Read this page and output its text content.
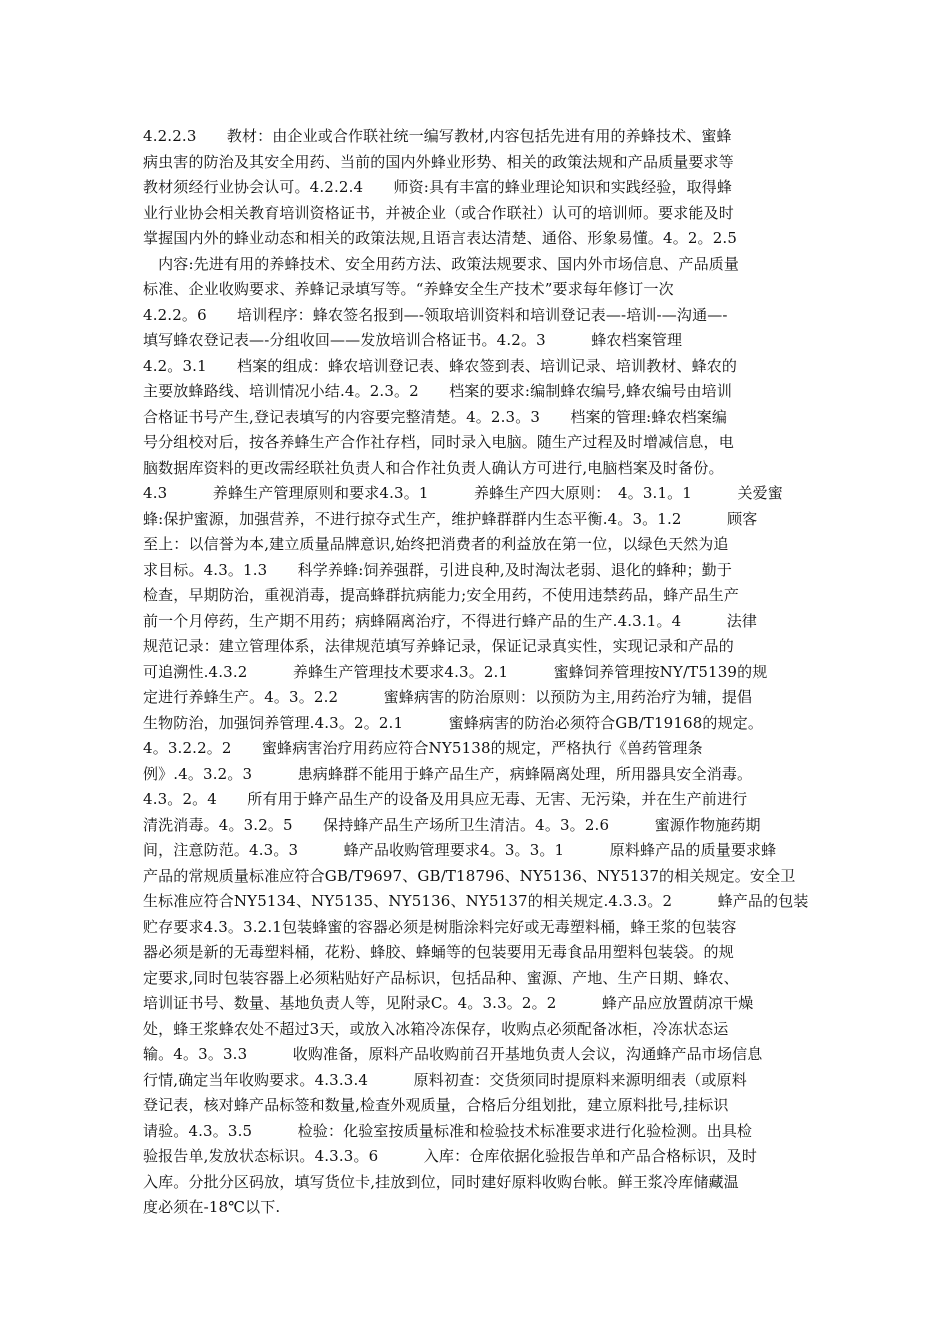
4.2.2.3　　教材：由企业或合作联社统一编写教材,内容包括先进有用的养蜂技术、蜜蜂
病虫害的防治及其安全用药、当前的国内外蜂业形势、相关的政策法规和产品质量要求等
教材须经行业协会认可。4.2.2.4　　师资:具有丰富的蜂业理论知识和实践经验，取得蜂
业行业协会相关教育培训资格证书，并被企业（或合作联社）认可的培训师。要求能及时
掌握国内外的蜂业动态和相关的政策法规,且语言表达清楚、通俗、形象易懂。4。2。2.5
　内容:先进有用的养蜂技术、安全用药方法、政策法规要求、国内外市场信息、产品质量
标准、企业收购要求、养蜂记录填写等。“养蜂安全生产技术”要求每年修订一次
4.2.2。6　　培训程序：蜂农签名报到—-领取培训资料和培训登记表—-培训-—沟通—-
填写蜂农登记表—-分组收回——发放培训合格证书。4.2。3　　　蜂农档案管理
4.2。3.1　　档案的组成：蜂农培训登记表、蜂农签到表、培训记录、培训教材、蜂农的
主要放蜂路线、培训情况小结.4。2.3。2　　档案的要求:编制蜂农编号,蜂农编号由培训
合格证书号产生,登记表填写的内容要完整清楚。4。2.3。3　　档案的管理:蜂农档案编
号分组校对后，按各养蜂生产合作社存档，同时录入电脑。随生产过程及时增减信息，电
脑数据库资料的更改需经联社负责人和合作社负责人确认方可进行,电脑档案及时备份。
4.3　　　养蜂生产管理原则和要求4.3。1　　　养蜂生产四大原则：　4。3.1。1　　　关爱蜜
蜂:保护蜜源，加强营养，不进行掠夺式生产，维护蜂群群内生态平衡.4。3。1.2　　　顾客
至上：以信誉为本,建立质量品牌意识,始终把消费者的利益放在第一位，以绿色天然为追
求目标。4.3。1.3　　科学养蜂:饲养强群，引进良种,及时淘汰老弱、退化的蜂种；勤于
检查，早期防治，重视消毒，提高蜂群抗病能力;安全用药，不使用违禁药品，蜂产品生产
前一个月停药，生产期不用药；病蜂隔离治疗，不得进行蜂产品的生产.4.3.1。4　　　法律
规范记录：建立管理体系，法律规范填写养蜂记录，保证记录真实性，实现记录和产品的
可追溯性.4.3.2　　　养蜂生产管理技术要求4.3。2.1　　　蜜蜂饲养管理按NY/T5139的规
定进行养蜂生产。4。3。2.2　　　蜜蜂病害的防治原则：以预防为主,用药治疗为辅，提倡
生物防治，加强饲养管理.4.3。2。2.1　　　蜜蜂病害的防治必须符合GB/T19168的规定。
4。3.2.2。2　　蜜蜂病害治疗用药应符合NY5138的规定，严格执行《兽药管理条
例》.4。3.2。3　　　患病蜂群不能用于蜂产品生产，病蜂隔离处理，所用器具安全消毒。
4.3。2。4　　所有用于蜂产品生产的设备及用具应无毒、无害、无污染，并在生产前进行
清洗消毒。4。3.2。5　　保持蜂产品生产场所卫生清洁。4。3。2.6　　　蜜源作物施药期
间，注意防范。4.3。3　　　蜂产品收购管理要求4。3。3。1　　　原料蜂产品的质量要求蜂
产品的常规质量标准应符合GB/T9697、GB/T18796、NY5136、NY5137的相关规定。安全卫
生标准应符合NY5134、NY5135、NY5136、NY5137的相关规定.4.3.3。2　　　蜂产品的包装
贮存要求4.3。3.2.1包装蜂蜜的容器必须是树脂涂料完好或无毒塑料桶，蜂王浆的包装容
器必须是新的无毒塑料桶，花粉、蜂胶、蜂蛹等的包装要用无毒食品用塑料包装袋。的规
定要求,同时包装容器上必须粘贴好产品标识，包括品种、蜜源、产地、生产日期、蜂农、
培训证书号、数量、基地负责人等，见附录C。4。3.3。2。2　　　蜂产品应放置荫凉干燥
处，蜂王浆蜂农处不超过3天，或放入冰箱冷冻保存，收购点必须配备冰柜，冷冻状态运
输。4。3。3.3　　　收购准备，原料产品收购前召开基地负责人会议，沟通蜂产品市场信息
行情,确定当年收购要求。4.3.3.4　　　原料初查：交货须同时提原料来源明细表（或原料
登记表，核对蜂产品标签和数量,检查外观质量，合格后分组划批，建立原料批号,挂标识
请验。4.3。3.5　　　检验：化验室按质量标准和检验技术标准要求进行化验检测。出具检
验报告单,发放状态标识。4.3.3。6　　　入库：仓库依据化验报告单和产品合格标识，及时
入库。分批分区码放，填写货位卡,挂放到位，同时建好原料收购台帐。鲜王浆冷库储藏温
度必须在-18℃以下.
